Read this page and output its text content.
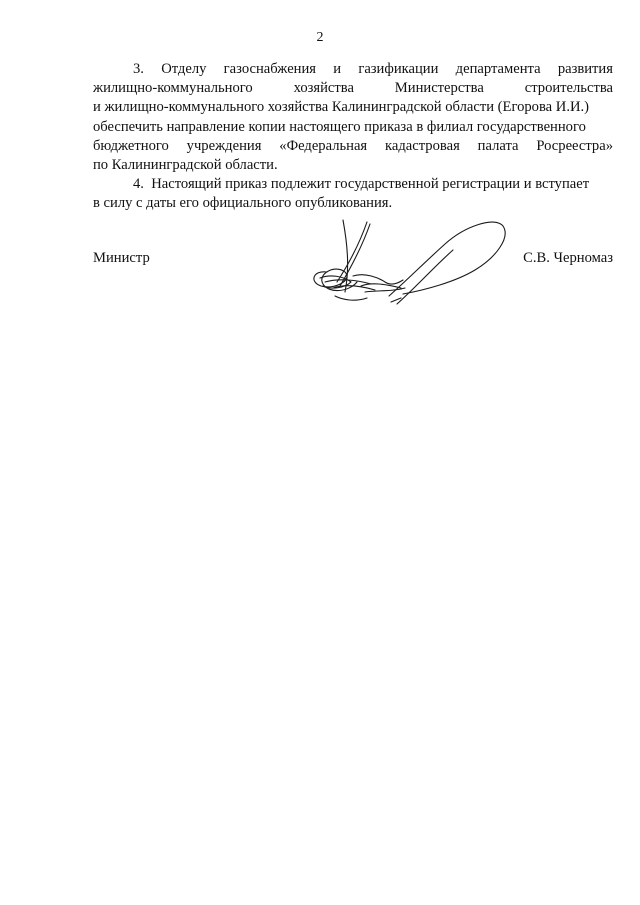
2
3. Отделу газоснабжения и газификации департамента развития
жилищно-коммунального	хозяйства	Министерства	строительства
и жилищно-коммунального хозяйства Калининградской области (Егорова И.И.)
обеспечить направление копии настоящего приказа в филиал государственного
бюджетного учреждения «Федеральная кадастровая палата Росреестра»
по Калининградской области.
4.  Настоящий приказ подлежит государственной регистрации и вступает
в силу с даты его официального опубликования.
Министр	С.В. Черномаз
